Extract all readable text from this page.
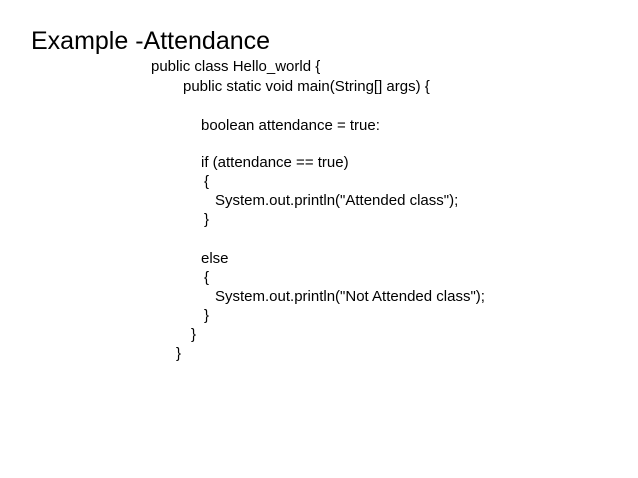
Example -Attendance
public class Hello_world {
public static void main(String[] args) {
boolean attendance = true:
if (attendance == true)
{
System.out.println("Attended class");
}
else
{
System.out.println("Not Attended class");
}
}
}
